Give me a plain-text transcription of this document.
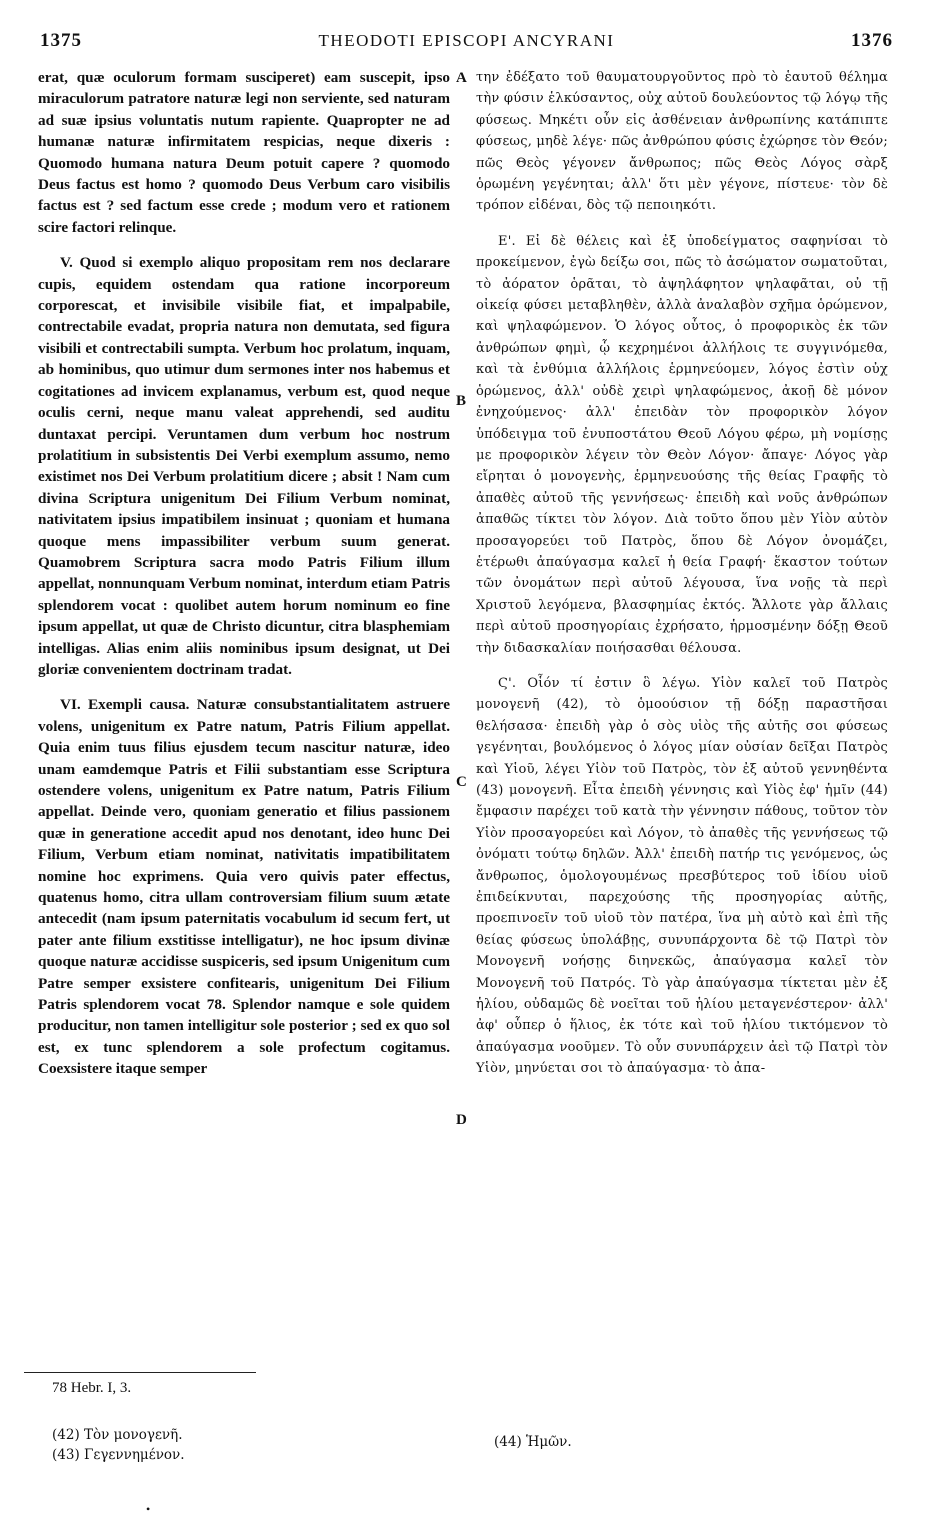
1375	THEODOTI EPISCOPI ANCYRANI	1376

erat, quæ oculorum formam susciperet) eam suscepit, ipso miraculorum patratore naturæ legi non serviente, sed naturam ad suæ ipsius voluntatis nutum rapiente. Quapropter ne ad humanæ naturæ infirmitatem respicias, neque dixeris : Quomodo humana natura Deum potuit capere ? quomodo Deus factus est homo ? quomodo Deus Verbum caro visibilis factus est ? sed factum esse crede ; modum vero et rationem scire factori relinque.

V. Quod si exemplo aliquo propositam rem nos declarare cupis, equidem ostendam qua ratione incorporeum corporescat, et invisibile visibile fiat, et impalpabile, contrectabile evadat, propria natura non demutata, sed figura visibili et contrectabili sumpta. Verbum hoc prolatum, inquam, ab hominibus, quo utimur dum sermones inter nos habemus et cogitationes ad invicem explanamus, verbum est, quod neque oculis cerni, neque manu valeat apprehendi, sed auditu duntaxat percipi. Veruntamen dum verbum hoc nostrum prolatitium in subsistentis Dei Verbi exemplum assumo, nemo existimet nos Dei Verbum prolatitium dicere ; absit ! Nam cum divina Scriptura unigenitum Dei Filium Verbum nominat, nativitatem ipsius impatibilem insinuat ; quoniam et humana quoque mens impassibiliter verbum suum generat. Quamobrem Scriptura sacra modo Patris Filium illum appellat, nonnunquam Verbum nominat, interdum etiam Patris splendorem vocat : quolibet autem horum nominum eo fine ipsum appellat, ut quæ de Christo dicuntur, citra blasphemiam intelligas. Alias enim aliis nominibus ipsum designat, ut Dei gloriæ convenientem doctrinam tradat.

VI. Exempli causa. Naturæ consubstantialitatem astruere volens, unigenitum ex Patre natum, Patris Filium appellat. Quia enim tuus filius ejusdem tecum nascitur naturæ, ideo unam eamdemque Patris et Filii substantiam esse Scriptura ostendere volens, unigenitum ex Patre natum, Patris Filium appellat. Deinde vero, quoniam generatio et filius passionem quæ in generatione accedit apud nos denotant, ideo hunc Dei Filium, Verbum etiam nominat, nativitatis impatibilitatem nomine hoc exprimens. Quia vero quivis pater effectus, quatenus homo, citra ullam controversiam filium suum ætate antecedit (nam ipsum paternitatis vocabulum id secum fert, ut pater ante filium exstitisse intelligatur), ne hoc ipsum divinæ quoque naturæ accidisse suspiceris, sed ipsum Unigenitum cum Patre semper exsistere confitearis, unigenitum Dei Filium Patris splendorem vocat 78. Splendor namque e sole quidem producitur, non tamen intelligitur sole posterior ; sed ex quo sol est, ex tunc splendorem a sole profectum cogitamus. Coexsistere itaque semper

την ἐδέξατο τοῦ θαυματουργοῦντος πρὸ τὸ ἑαυτοῦ θέλημα τὴν φύσιν ἑλκύσαντος, οὐχ αὐτοῦ δουλεύοντος τῷ λόγῳ τῆς φύσεως. Μηκέτι οὖν εἰς ἀσθένειαν ἀνθρωπίνης κατάπιπτε φύσεως, μηδὲ λέγε· πῶς ἀνθρώπου φύσις ἐχώρησε τὸν Θεόν; πῶς Θεὸς γέγονεν ἄνθρωπος; πῶς Θεὸς Λόγος σὰρξ ὁρωμένη γεγένηται; ἀλλ' ὅτι μὲν γέγονε, πίστευε· τὸν δὲ τρόπον εἰδέναι, δὸς τῷ πεποιηκότι.

Ε'. Εἰ δὲ θέλεις καὶ ἐξ ὑποδείγματος σαφηνίσαι τὸ προκείμενον, ἐγὼ δείξω σοι, πῶς τὸ ἀσώματον σωματοῦται, τὸ ἀόρατον ὁρᾶται, τὸ ἀψηλάφητον ψηλαφᾶται, οὐ τῇ οἰκείᾳ φύσει μεταβληθὲν, ἀλλὰ ἀναλαβὸν σχῆμα ὁρώμενον, καὶ ψηλαφώμενον. Ὁ λόγος οὗτος, ὁ προφορικὸς ἐκ τῶν ἀνθρώπων φημὶ, ᾧ κεχρημένοι ἀλλήλοις τε συγγινόμεθα, καὶ τὰ ἐνθύμια ἀλλήλοις ἑρμηνεύομεν, λόγος ἐστὶν οὐχ ὁρώμενος, ἀλλ' οὐδὲ χειρὶ ψηλαφώμενος, ἀκοῇ δὲ μόνον ἐνηχούμενος· ἀλλ' ἐπειδὰν τὸν προφορικὸν λόγον ὑπόδειγμα τοῦ ἐνυποστάτου Θεοῦ Λόγου φέρω, μὴ νομίσῃς με προφορικὸν λέγειν τὸν Θεὸν Λόγον· ἄπαγε· Λόγος γὰρ εἴρηται ὁ μονογενὴς, ἑρμηνευούσης τῆς θείας Γραφῆς τὸ ἀπαθὲς αὐτοῦ τῆς γεννήσεως· ἐπειδὴ καὶ νοῦς ἀνθρώπων ἀπαθῶς τίκτει τὸν λόγον. Διὰ τοῦτο ὅπου μὲν Υἱὸν αὐτὸν προσαγορεύει τοῦ Πατρὸς, ὅπου δὲ Λόγον ὀνομάζει, ἑτέρωθι ἀπαύγασμα καλεῖ ἡ θεία Γραφή· ἕκαστον τούτων τῶν ὀνομάτων περὶ αὐτοῦ λέγουσα, ἵνα νοῇς τὰ περὶ Χριστοῦ λεγόμενα, βλασφημίας ἐκτός. Ἄλλοτε γὰρ ἄλλαις περὶ αὐτοῦ προσηγορίαις ἐχρήσατο, ἡρμοσμένην δόξῃ Θεοῦ τὴν διδασκαλίαν ποιήσασθαι θέλουσα.

Ϛ'. Οἷόν τί ἐστιν ὃ λέγω. Υἱὸν καλεῖ τοῦ Πατρὸς μονογενῆ (42), τὸ ὁμοούσιον τῇ δόξῃ παραστῆσαι θελήσασα· ἐπειδὴ γὰρ ὁ σὸς υἱὸς τῆς αὐτῆς σοι φύσεως γεγένηται, βουλόμενος ὁ λόγος μίαν οὐσίαν δεῖξαι Πατρὸς καὶ Υἱοῦ, λέγει Υἱὸν τοῦ Πατρὸς, τὸν ἐξ αὐτοῦ γεννηθέντα (43) μονογενῆ. Εἶτα ἐπειδὴ γέννησις καὶ Υἱὸς ἐφ' ἡμῖν (44) ἔμφασιν παρέχει τοῦ κατὰ τὴν γέννησιν πάθους, τοῦτον τὸν Υἱὸν προσαγορεύει καὶ Λόγον, τὸ ἀπαθὲς τῆς γεννήσεως τῷ ὀνόματι τούτῳ δηλῶν. Ἀλλ' ἐπειδὴ πατήρ τις γενόμενος, ὡς ἄνθρωπος, ὁμολογουμένως πρεσβύτερος τοῦ ἰδίου υἱοῦ ἐπιδείκνυται, παρεχούσης τῆς προσηγορίας αὐτῆς, προεπινοεῖν τοῦ υἱοῦ τὸν πατέρα, ἵνα μὴ αὐτὸ καὶ ἐπὶ τῆς θείας φύσεως ὑπολάβῃς, συνυπάρχοντα δὲ τῷ Πατρὶ τὸν Μονογενῆ νοήσῃς διηνεκῶς, ἀπαύγασμα καλεῖ τὸν Μονογενῆ τοῦ Πατρός. Τὸ γὰρ ἀπαύγασμα τίκτεται μὲν ἐξ ἡλίου, οὐδαμῶς δὲ νοεῖται τοῦ ἡλίου μεταγενέστερον· ἀλλ' ἀφ' οὗπερ ὁ ἥλιος, ἐκ τότε καὶ τοῦ ἡλίου τικτόμενον τὸ ἀπαύγασμα νοοῦμεν. Τὸ οὖν συνυπάρχειν ἀεὶ τῷ Πατρὶ τὸν Υἱὸν, μηνύεται σοι τὸ ἀπαύγασμα· τὸ ἀπα-

A
B
C
D
78 Hebr. I, 3.
(42) Τὸν μονογενῆ.
(43) Γεγεννημένον.
(44) Ἡμῶν.
•
